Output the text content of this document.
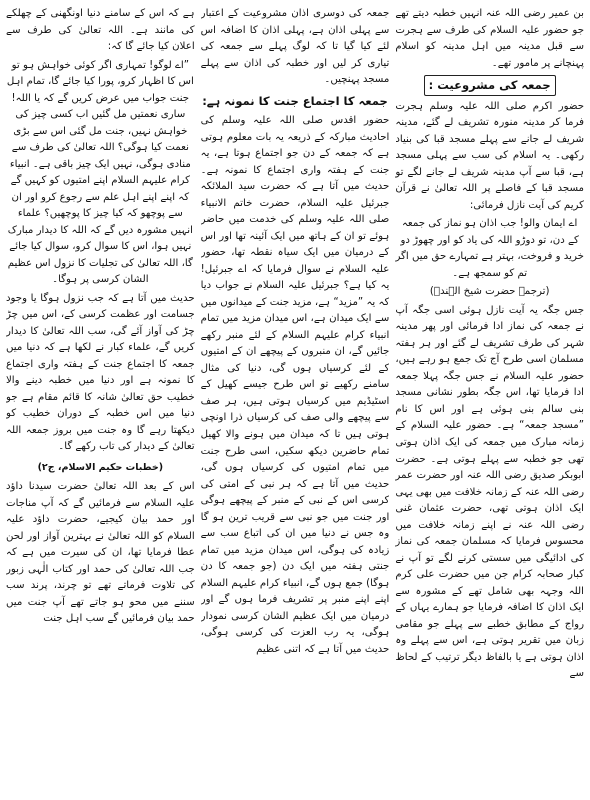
بن عمیر رضی اللہ عنہ انہیں خطبہ دیتے تھے جو حضور علیہ السلام کی طرف سے ہجرت سے قبل مدینہ میں اہل مدینہ کو اسلام پہنچانے پر مامور تھے۔

جمعہ کی مشروعیت :

حضور اکرم صلی اللہ علیہ وسلم ہجرت فرما کر مدینہ منورہ تشریف لے گئے، مدینہ شریف لے جانے سے پہلے مسجد قبا کی بنیاد رکھی۔ یہ اسلام کی سب سے پہلی مسجد ہے، قبا سے آپ مدینہ شریف لے جانے لگے تو مسجد قبا کے فاصلے پر اللہ تعالیٰ نے قرآن کریم کی آیت نازل فرمائی:

اے ایمان والو! جب اذان ہو نماز کی جمعہ کے دن، تو دوڑو اللہ کی یاد کو اور چھوڑ دو خرید و فروخت، بہتر ہے تمہارے حق میں اگر تم کو سمجھ ہے۔

(ترجمہ حضرت شیخ الہندؒ)

جس جگہ یہ آیت نازل ہوئی اسی جگہ آپ نے جمعہ کی نماز ادا فرمائی اور پھر مدینہ شہر کی طرف تشریف لے گئے اور ہر ہفتہ مسلمان اسی طرح آج تک جمع ہو رہے ہیں، حضور علیہ السلام نے جس جگہ پہلا جمعہ ادا فرمایا تھا، اس جگہ بطور نشانی مسجد بنی سالم بنی ہوئی ہے اور اس کا نام ”مسجد جمعہ“ ہے۔ حضور علیہ السلام کے زمانہ مبارک میں جمعہ کی ایک اذان ہوتی تھی جو خطبہ سے پہلے ہوتی ہے۔ حضرت ابوبکر صدیق رضی اللہ عنہ اور حضرت عمر رضی اللہ عنہ کے زمانہ خلافت میں بھی یہی ایک اذان ہوتی تھی، حضرت عثمان غنی رضی اللہ عنہ نے اپنے زمانہ خلافت میں محسوس فرمایا کہ مسلمان جمعہ کی نماز کی ادائیگی میں سستی کرنے لگے تو آپ نے کبار صحابہ کرام جن میں حضرت علی کرم اللہ وجہہ بھی شامل تھے کے مشورہ سے ایک اذان کا اضافہ فرمایا جو ہمارے یہاں کے رواج کے مطابق خطبے سے پہلے جو مقامی زبان میں تقریر ہوتی ہے، اس سے پہلے وہ اذان ہوتی ہے یا بالفاظ دیگر ترتیب کے لحاظ سے

جمعہ کی دوسری اذان مشروعیت کے اعتبار سے پہلی اذان ہے، پہلی اذان کا اضافہ اس لئے کیا گیا تا کہ لوگ پہلے سے جمعہ کی تیاری کر لیں اور خطبہ کی اذان سے پہلے مسجد پہنچیں۔

جمعہ کا اجتماع جنت کا نمونہ ہے:

حضور اقدس صلی اللہ علیہ وسلم کی احادیث مبارکہ کے ذریعہ یہ بات معلوم ہوتی ہے کہ جمعہ کے دن جو اجتماع ہوتا ہے، یہ جنت کے ہفتہ واری اجتماع کا نمونہ ہے۔ حدیث میں آتا ہے کہ حضرت سید الملائکہ جبرئیل علیہ السلام، حضرت خاتم الانبیاء صلی اللہ علیہ وسلم کی خدمت میں حاضر ہوئے تو ان کے ہاتھ میں ایک آئینہ تھا اور اس کے درمیان میں ایک سیاہ نقطہ تھا، حضور علیہ السلام نے سوال فرمایا کہ اے جبرئیل! یہ کیا ہے؟ جبرئیل علیہ السلام نے جواب دیا کہ یہ ”مزید“ ہے، مزید جنت کے میدانوں میں سے ایک میدان ہے، اس میدان مزید میں تمام انبیاء کرام علیہم السلام کے لئے منبر رکھے جائیں گے، ان منبروں کے پیچھے ان کے امتیوں کے لئے کرسیاں ہوں گی، دنیا کی مثال سامنے رکھیے تو اس طرح جیسے کھیل کے اسٹیڈیم میں کرسیاں ہوتی ہیں، ہر صف سے پیچھے والی صف کی کرسیاں ذرا اونچی ہوتی ہیں تا کہ میدان میں ہونے والا کھیل تمام حاضرین دیکھ سکیں، اسی طرح جنت میں تمام امتیوں کی کرسیاں ہوں گی، حدیث میں آتا ہے کہ ہر نبی کے امتی کی کرسی اس کے نبی کے منبر کے پیچھے ہوگی اور جنت میں جو نبی سے قریب ترین ہو گا وہ جس نے دنیا میں ان کی اتباع سب سے زیادہ کی ہوگی، اس میدان مزید میں تمام جنتی ہفتہ میں ایک دن (جو جمعہ کا دن ہوگا) جمع ہوں گے، انبیاء کرام علیہم السلام اپنے اپنے منبر پر تشریف فرما ہوں گے اور درمیان میں ایک عظیم الشان کرسی نمودار ہوگی، یہ رب العزت کی کرسی ہوگی، حدیث میں آتا ہے کہ اتنی عظیم

ہے کہ اس کے سامنے دنیا اونگھنی کے چھلکے کی مانند ہے۔ اللہ تعالیٰ کی طرف سے اعلان کیا جائے گا کہ:

”اے لوگو! تمہاری اگر کوئی خواہش ہو تو اس کا اظہار کرو، پورا کیا جائے گا، تمام اہل جنت جواب میں عرض کریں گے کہ یا اللہ! ساری نعمتیں مل گئیں اب کسی چیز کی خواہش نہیں، جنت مل گئی اس سے بڑی نعمت کیا ہوگی؟ اللہ تعالیٰ کی طرف سے منادی ہوگی، نہیں ایک چیز باقی ہے۔ انبیاء کرام علیہم السلام اپنے امتیوں کو کہیں گے کہ اپنے اپنے اہل علم سے رجوع کرو اور ان سے پوچھو کہ کیا چیز کا پوچھیں؟ علماء انہیں مشورہ دیں گے کہ اللہ کا دیدار مبارک نہیں ہوا، اس کا سوال کرو، سوال کیا جائے گا، اللہ تعالیٰ کی تجلیات کا نزول اس عظیم الشان کرسی پر ہوگا۔

حدیث میں آتا ہے کہ جب نزول ہوگا یا وجود جسامت اور عظمت کرسی کے، اس میں چڑ چڑ کی آواز آئے گی، سب اللہ تعالیٰ کا دیدار کریں گے، علماء کبار نے لکھا ہے کہ دنیا میں جمعہ کا اجتماع جنت کے ہفتہ واری اجتماع کا نمونہ ہے اور دنیا میں خطبہ دینے والا خطیب حق تعالیٰ شانہ کا قائم مقام ہے جو دنیا میں اس خطبہ کے دوران خطیب کو دیکھتا رہے گا وہ جنت میں بروز جمعہ اللہ تعالیٰ کے دیدار کی تاب رکھے گا۔

(خطبات حکیم الاسلام، ج۲)

اس کے بعد اللہ تعالیٰ حضرت سیدنا داؤد علیہ السلام سے فرمائیں گے کہ آپ مناجات اور حمد بیان کیجیے، حضرت داؤد علیہ السلام کو اللہ تعالیٰ نے بہترین آواز اور لحن عطا فرمایا تھا، ان کی سیرت میں ہے کہ جب اللہ تعالیٰ کی حمد اور کتاب الٰہی زبور کی تلاوت فرماتے تھے تو چرند، پرند سب سننے میں محو ہو جاتے تھے آپ جنت میں حمد بیان فرمائیں گے سب اہل جنت
